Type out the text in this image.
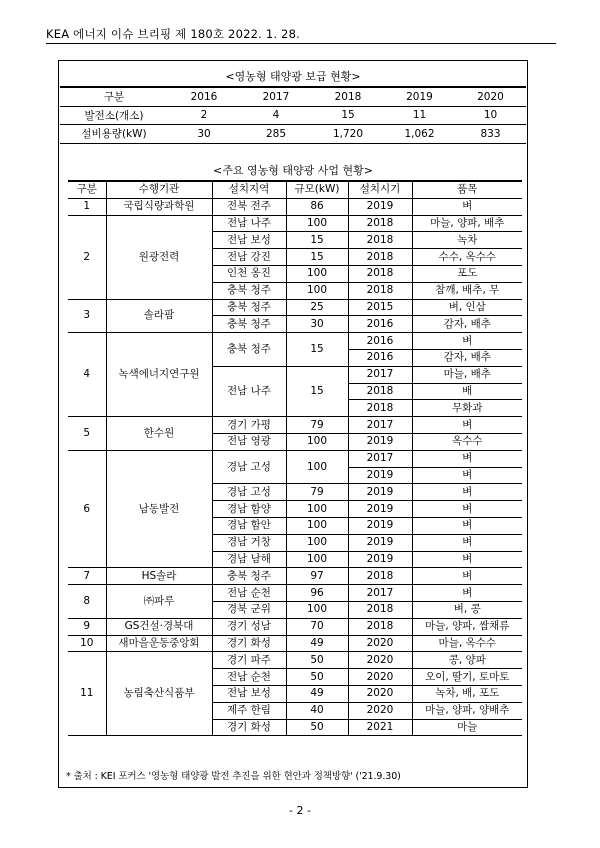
KEA 에너지 이슈 브리핑 제 180호 2022. 1. 28.
<영농형 태양광 보급 현황>
구분	2016	2017	2018	2019	2020
발전소(개소)	2	4	15	11	10
설비용량(kW)	30	285	1,720	1,062	833
<주요 영농형 태양광 사업 현황>
구분	수행기관	설치지역	규모(kW)	설치시기	품목
1	국립식량과학원	전북 전주	86	2019	벼
2	원광전력	전남 나주	100	2018	마늘, 양파, 배추
		전남 보성	15	2018	녹차
		전남 강진	15	2018	수수, 옥수수
		인천 옹진	100	2018	포도
		충북 청주	100	2018	참깨, 배추, 무
3	솔라팜	충북 청주	25	2015	벼, 인삼
		충북 청주	30	2016	감자, 배추
4	녹색에너지연구원	충북 청주	15	2016	벼
				2016	감자, 배추
		전남 나주	15	2017	마늘, 배추
				2018	배
				2018	무화과
5	한수원	경기 가평	79	2017	벼
		전남 영광	100	2019	옥수수
6	남동발전	경남 고성	100	2017	벼
				2019	벼
		경남 고성	79	2019	벼
		경남 함양	100	2019	벼
		경남 함안	100	2019	벼
		경남 거창	100	2019	벼
		경남 남해	100	2019	벼
7	HS솔라	충북 청주	97	2018	벼
8	㈜파루	전남 순천	96	2017	벼
		경북 군위	100	2018	벼, 콩
9	GS건설·경북대	경기 성남	70	2018	마늘, 양파, 쌈채류
10	새마을운동중앙회	경기 화성	49	2020	마늘, 옥수수
11	농림축산식품부	경기 파주	50	2020	콩, 양파
		전남 순천	50	2020	오이, 딸기, 토마토
		전남 보성	49	2020	녹차, 배, 포도
		제주 한림	40	2020	마늘, 양파, 양배추
		경기 화성	50	2021	마늘
* 출처 : KEI 포커스 '영농형 태양광 발전 추진을 위한 현안과 정책방향' ('21.9.30)
- 2 -
